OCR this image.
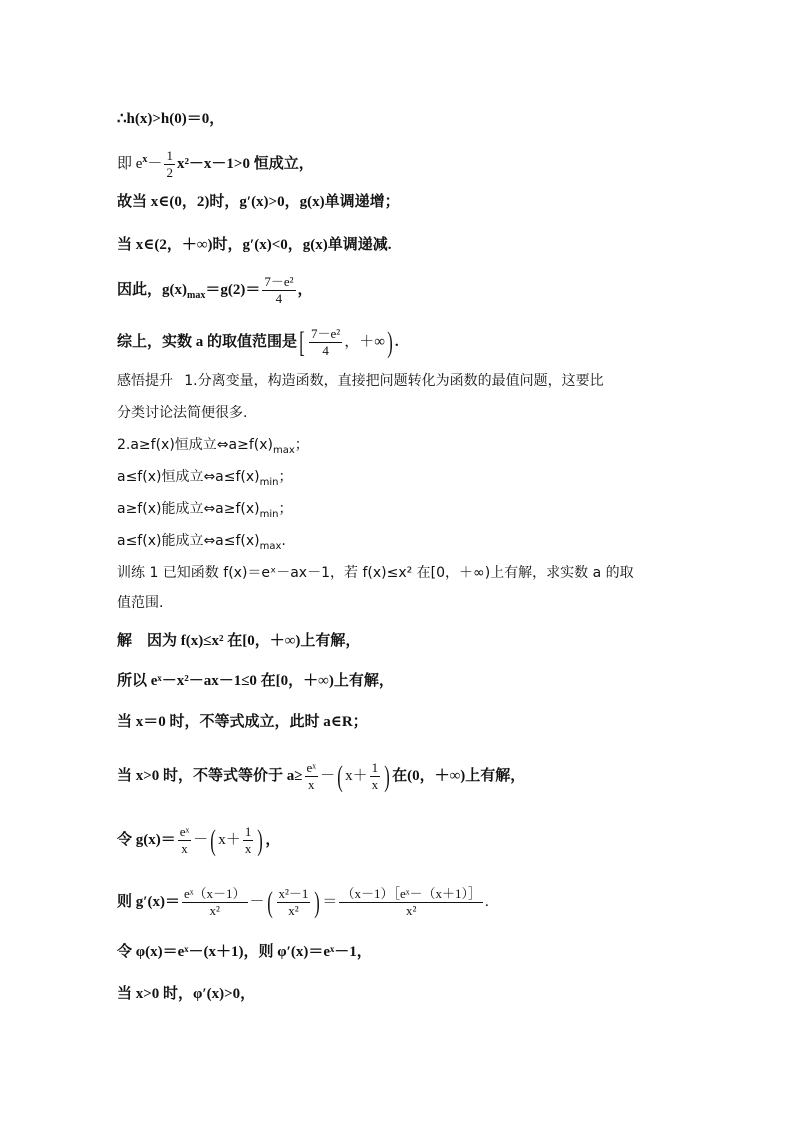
∴h(x)>h(0)＝0，
即 $e^x- \frac{1}{2} x^2-x-1>0$ 恒成立，
故当 x∈(0，2)时，g′(x)>0，g(x)单调递增；
当 x∈(2，＋∞)时，g′(x)<0，g(x)单调递减.
因此，$g(x)_{max}=g(2)= \frac{\text{7－e²}}{4}$ ，
综上，实数 a 的取值范围是[ $\frac{\text{7－e²}}{4}$ ，＋∞) .
感悟提升 1.分离变量，构造函数，直接把问题转化为函数的最值问题，这要比
分类讨论法简便很多.
2.a≥f(x)恒成立$\Leftrightarrow a\ge f(x)_{max}$；
a≤f(x)恒成立$\Leftrightarrow a\le f(x)_{min}$；
a≥f(x)能成立$\Leftrightarrow a\ge f(x)_{min}$；
a≤f(x)能成立$\Leftrightarrow a\le f(x)_{max}$.
训练 1 已知函数 f(x)＝eˣ－ax－1，若 f(x)≤x² 在[0，＋∞)上有解，求实数 a 的取
值范围.
解 因为 f(x)≤x² 在[0，＋∞)上有解，
所以 eˣ－x²－ax－1≤0 在[0，＋∞)上有解，
当 x＝0 时，不等式成立，此时 a∈R；
当 x>0 时，不等式等价于 $a\ge \frac{\text{eˣ}}{x}$ －( $x+ \frac{1}{x}$ ) 在(0，＋∞)上有解，
令 $g(x)= \frac{\text{eˣ}}{x}$ －( $x+ \frac{1}{x}$ ) ，
则 $g'(x)= \frac{\text{eˣ（x－1）}}{\text{x²}}$ －( $\frac{\text{x²－1}}{\text{x²}}$ ) ＝ $\frac{\text{（x－1）［eˣ－（x＋1）］}}{\text{x²}}$ .
令 φ(x)＝eˣ－(x＋1)，则 φ′(x)＝eˣ－1，
当 x>0 时，φ′(x)>0，
